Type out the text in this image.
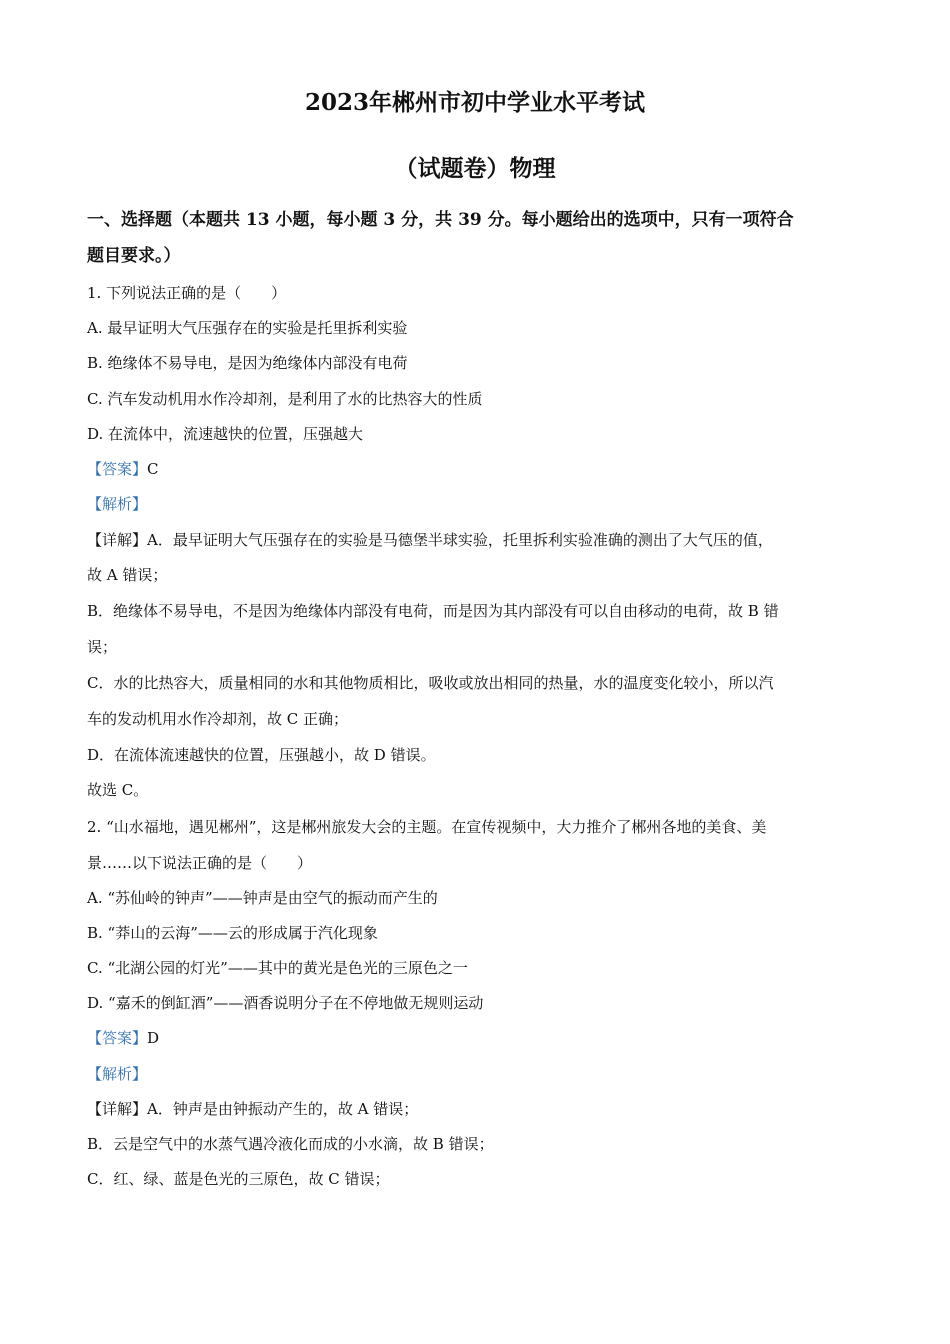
2023年郴州市初中学业水平考试
（试题卷）物理
一、选择题（本题共 13 小题，每小题 3 分，共 39 分。每小题给出的选项中，只有一项符合
题目要求。）
1. 下列说法正确的是（　　）
A. 最早证明大气压强存在的实验是托里拆利实验
B. 绝缘体不易导电，是因为绝缘体内部没有电荷
C. 汽车发动机用水作冷却剂，是利用了水的比热容大的性质
D. 在流体中，流速越快的位置，压强越大
【答案】C
【解析】
【详解】A．最早证明大气压强存在的实验是马德堡半球实验，托里拆利实验准确的测出了大气压的值，
故 A 错误；
B．绝缘体不易导电，不是因为绝缘体内部没有电荷，而是因为其内部没有可以自由移动的电荷，故 B 错
误；
C．水的比热容大，质量相同的水和其他物质相比，吸收或放出相同的热量，水的温度变化较小，所以汽
车的发动机用水作冷却剂，故 C 正确；
D．在流体流速越快的位置，压强越小，故 D 错误。
故选 C。
2. “山水福地，遇见郴州”，这是郴州旅发大会的主题。在宣传视频中，大力推介了郴州各地的美食、美
景……以下说法正确的是（　　）
A. “苏仙岭的钟声”——钟声是由空气的振动而产生的
B. “莽山的云海”——云的形成属于汽化现象
C. “北湖公园的灯光”——其中的黄光是色光的三原色之一
D. “嘉禾的倒缸酒”——酒香说明分子在不停地做无规则运动
【答案】D
【解析】
【详解】A．钟声是由钟振动产生的，故 A 错误；
B．云是空气中的水蒸气遇冷液化而成的小水滴，故 B 错误；
C．红、绿、蓝是色光的三原色，故 C 错误；
